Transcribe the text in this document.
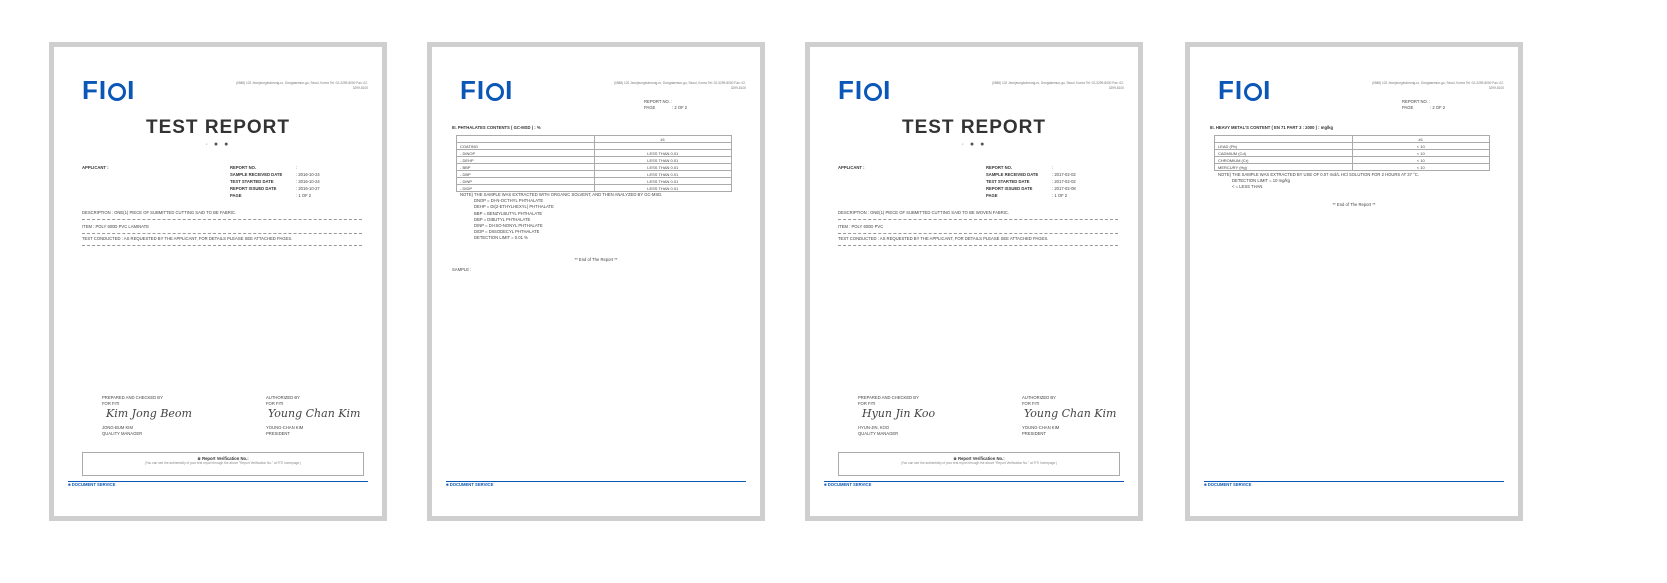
FI I	(0588) 102 Jeonjeungbuheung-ro, Dongdaemun-gu, Seoul, Korea Tel: 02-3299-8000 Fax: 02-3299-8100
TEST REPORT
· ● ●
APPLICANT :	REPORT NO.	:
SAMPLE RECEIVED DATE	: 2016-10-24
TEST STARTED DATE	: 2016-10-24
REPORT ISSUED DATE	: 2016-10-27
PAGE	: 1 OF 2
DESCRIPTION : ONE(1) PIECE OF SUBMITTED CUTTING SAID TO BE FABRIC.
ITEM : POLY 600D PVC LAMINATE
TEST CONDUCTED : AS REQUESTED BY THE APPLICANT, FOR DETAILS PLEASE SEE ATTACHED PAGES.
PREPARED AND CHECKED BY
FOR FITI
Kim Jong Beom
JONG-BUM KIM
QUALITY MANAGER
AUTHORIZED BY
FOR FITI
Young Chan Kim
YOUNG-CHAN KIM
PRESIDENT
※ Report Verification No.:
(You can see the authenticity of your test report through the above "Report Verification No." at FITI homepage.)
■ DOCUMENT SERVICE
FI I	(0588) 102 Jeonjeungbuheung-ro, Dongdaemun-gu, Seoul, Korea Tel: 02-3299-8000 Fax: 02-3299-8100
REPORT NO. :
PAGE	: 2 OF 2
III. PHTHALATES CONTENTS ( GC-MSD ) : %
	#1
COATING	
- DINOP	LESS THAN 0.01
- DEHP	LESS THAN 0.01
- BBP	LESS THAN 0.01
- DBP	LESS THAN 0.01
- DINP	LESS THAN 0.01
- DIDP	LESS THAN 0.01
NOTE) THE SAMPLE WAS EXTRACTED WITH ORGANIC SOLVENT, AND THEN ANALYZED BY GC-MSD.
DNOP = DI-N-OCTHYL PHTHALATE
DEHP = DI(2-ETHYLHEXYL) PHTHALATE
BBP = BENZYLBUTYL PHTHALATE
DBP = DIBUTYL PHTHALATE
DINP = DI-ISO-NONYL PHTHALATE
DIDP = DIISODECYL PHTHALATE
DETECTION LIMIT = 0.01 %
** End of The Report **
SAMPLE :
■ DOCUMENT SERVICE
FI I	(0588) 102 Jeonjeungbuheung-ro, Dongdaemun-gu, Seoul, Korea Tel: 02-3299-8000 Fax: 02-3299-8100
TEST REPORT
· ● ●
APPLICANT :	REPORT NO.	:
SAMPLE RECEIVED DATE	: 2017-02-02
TEST STARTED DATE	: 2017-02-02
REPORT ISSUED DATE	: 2017-02-08
PAGE	: 1 OF 2
DESCRIPTION : ONE(1) PIECE OF SUBMITTED CUTTING SAID TO BE WOVEN FABRIC.
ITEM : POLY 600D PVC
TEST CONDUCTED : AS REQUESTED BY THE APPLICANT, FOR DETAILS PLEASE SEE ATTACHED PAGES.
PREPARED AND CHECKED BY
FOR FITI
Hyun Jin Koo
HYUN-JIN, KOO
QUALITY MANAGER
AUTHORIZED BY
FOR FITI
Young Chan Kim
YOUNG-CHAN KIM
PRESIDENT
※ Report Verification No.:
(You can see the authenticity of your test report through the above "Report Verification No." at FITI homepage.)
■ DOCUMENT SERVICE
FI I	(0588) 102 Jeonjeungbuheung-ro, Dongdaemun-gu, Seoul, Korea Tel: 02-3299-8000 Fax: 02-3299-8100
REPORT NO. :
PAGE	: 2 OF 2
III. HEAVY METAL'S CONTENT ( EN 71 PART 3 : 2000 ) : mg/kg
	#1
LEAD (Pb)	< 10
CADMIUM (Cd)	< 10
CHROMIUM (Cr)	< 10
MERCURY (Hg)	< 10
NOTE) THE SAMPLE WAS EXTRACTED BY USE OF 0.07 mol/L HCl SOLUTION FOR 2 HOURS AT 37 °C.
DETECTION LIMIT = 10 mg/kg
< = LESS THAN
** End of The Report **
■ DOCUMENT SERVICE
